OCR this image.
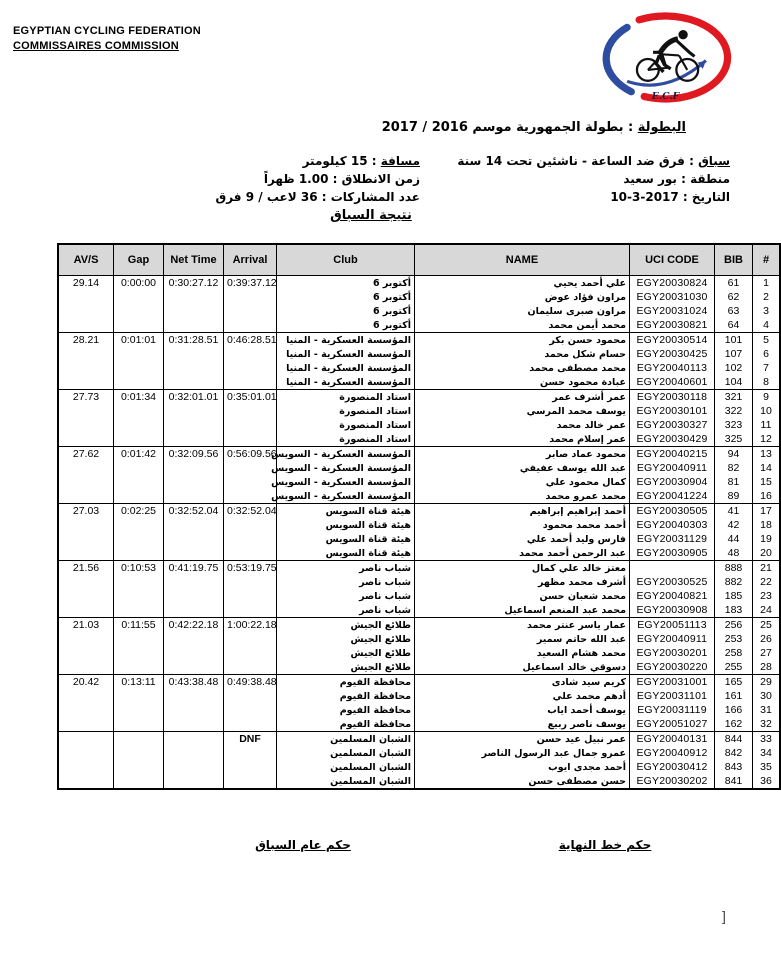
EGYPTIAN CYCLING FEDERATION
COMMISSAIRES COMMISSION
E.C.F
البطولة : بطولة الجمهورية موسم 2016 / 2017
سباق : فرق ضد الساعة - ناشئين تحت 14 سنة
منطقة : بور سعيد
التاريخ : 2017-3-10
مسافة : 15 كيلومتر
زمن الانطلاق : 1.00 ظهراً
عدد المشاركات : 36 لاعب / 9 فرق
نتيجة السباق
AV/S	Gap	Net Time	Arrival	Club	NAME	UCI CODE	BIB	#
29.14	0:00:00	0:30:27.12	0:39:37.12	أكتوبر 6	علي أحمد يحيي	EGY20030824	61	1
				أكتوبر 6	مراون فؤاد عوض	EGY20031030	62	2
				أكتوبر 6	مراون صبرى سليمان	EGY20031024	63	3
				أكتوبر 6	محمد أيمن محمد	EGY20030821	64	4
28.21	0:01:01	0:31:28.51	0:46:28.51	المؤسسة العسكرية - المنيا	محمود حسن بكر	EGY20030514	101	5
				المؤسسة العسكرية - المنيا	حسام شكل محمد	EGY20030425	107	6
				المؤسسة العسكرية - المنيا	محمد مصطفى محمد	EGY20040113	102	7
				المؤسسة العسكرية - المنيا	عبادة محمود حسن	EGY20040601	104	8
27.73	0:01:34	0:32:01.01	0:35:01.01	استاد المنصورة	عمر أشرف عمر	EGY20030118	321	9
				استاد المنصورة	يوسف محمد المرسي	EGY20030101	322	10
				استاد المنصورة	عمر خالد محمد	EGY20030327	323	11
				استاد المنصورة	عمر إسلام محمد	EGY20030429	325	12
27.62	0:01:42	0:32:09.56	0:56:09.56	المؤسسة العسكرية - السويس	محمود عماد صابر	EGY20040215	94	13
				المؤسسة العسكرية - السويس	عبد الله يوسف عفيفي	EGY20040911	82	14
				المؤسسة العسكرية - السويس	كمال محمود علي	EGY20030904	81	15
				المؤسسة العسكرية - السويس	محمد عمرو محمد	EGY20041224	89	16
27.03	0:02:25	0:32:52.04	0:32:52.04	هيئة قناة السويس	أحمد إبراهيم إبراهيم	EGY20030505	41	17
				هيئة قناة السويس	أحمد محمد محمود	EGY20040303	42	18
				هيئة قناة السويس	فارس وليد أحمد علي	EGY20031129	44	19
				هيئة قناة السويس	عبد الرحمن أحمد محمد	EGY20030905	48	20
21.56	0:10:53	0:41:19.75	0:53:19.75	شباب ناصر	معتز خالد علي كمال		888	21
				شباب ناصر	أشرف محمد مظهر	EGY20030525	882	22
				شباب ناصر	محمد شعبان حسن	EGY20040821	185	23
				شباب ناصر	محمد عبد المنعم اسماعيل	EGY20030908	183	24
21.03	0:11:55	0:42:22.18	1:00:22.18	طلائع الجيش	عمار ياسر عنتر محمد	EGY20051113	256	25
				طلائع الجيش	عبد الله حاتم سمير	EGY20040911	253	26
				طلائع الجيش	محمد هشام السعيد	EGY20030201	258	27
				طلائع الجيش	دسوقي خالد اسماعيل	EGY20030220	255	28
20.42	0:13:11	0:43:38.48	0:49:38.48	محافظة الفيوم	كريم سيد شادى	EGY20031001	165	29
				محافظة الفيوم	أدهم محمد علي	EGY20031101	161	30
				محافظة الفيوم	يوسف أحمد اياب	EGY20031119	166	31
				محافظة الفيوم	يوسف ناصر ربيع	EGY20051027	162	32
			DNF	الشبان المسلمين	عمر نبيل عيد حسن	EGY20040131	844	33
				الشبان المسلمين	عمرو جمال عبد الرسول الناصر	EGY20040912	842	34
				الشبان المسلمين	أحمد مجدى ايوب	EGY20030412	843	35
				الشبان المسلمين	حسن مصطفى حسن	EGY20030202	841	36
حكم خط النهاية
حكم عام السباق
]
